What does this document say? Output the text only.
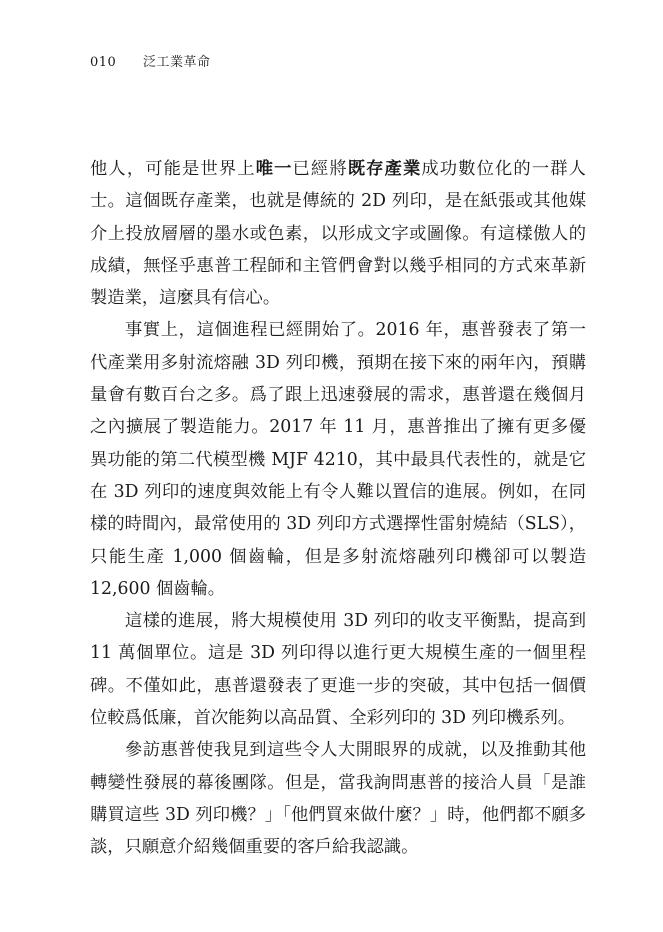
010 泛工業革命

他人，可能是世界上唯一已經將既存產業成功數位化的一群人士。這個既存產業，也就是傳統的 2D 列印，是在紙張或其他媒介上投放層層的墨水或色素，以形成文字或圖像。有這樣傲人的成績，無怪乎惠普工程師和主管們會對以幾乎相同的方式來革新製造業，這麼具有信心。

事實上，這個進程已經開始了。2016 年，惠普發表了第一代產業用多射流熔融 3D 列印機，預期在接下來的兩年內，預購量會有數百台之多。爲了跟上迅速發展的需求，惠普還在幾個月之內擴展了製造能力。2017 年 11 月，惠普推出了擁有更多優異功能的第二代模型機 MJF 4210，其中最具代表性的，就是它在 3D 列印的速度與效能上有令人難以置信的進展。例如，在同樣的時間內，最常使用的 3D 列印方式選擇性雷射燒結（SLS），只能生產 1,000 個齒輪，但是多射流熔融列印機卻可以製造 12,600 個齒輪。

這樣的進展，將大規模使用 3D 列印的收支平衡點，提高到 11 萬個單位。這是 3D 列印得以進行更大規模生產的一個里程碑。不僅如此，惠普還發表了更進一步的突破，其中包括一個價位較爲低廉，首次能夠以高品質、全彩列印的 3D 列印機系列。

參訪惠普使我見到這些令人大開眼界的成就，以及推動其他轉變性發展的幕後團隊。但是，當我詢問惠普的接洽人員「是誰購買這些 3D 列印機？」「他們買來做什麼？」時，他們都不願多談，只願意介紹幾個重要的客戶給我認識。
